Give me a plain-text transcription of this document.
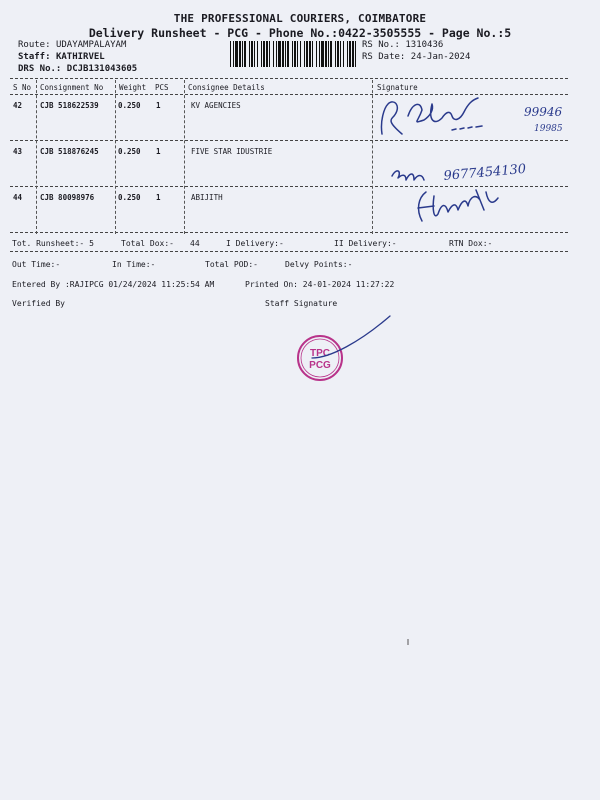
THE PROFESSIONAL COURIERS, COIMBATORE
Delivery Runsheet - PCG - Phone No.:0422-3505555 - Page No.:5
Route: UDAYAMPALAYAM
Staff: KATHIRVEL
DRS No.: DCJB131043605
RS No.: 1310436
RS Date: 24-Jan-2024
S No Consignment No Weight PCS	Consignee Details	Signature
42 CJB 518622539	0.250 1	KV AGENCIES
43 CJB 518876245	0.250 1	FIVE STAR IDUSTRIE
44 CJB 80098976	0.250 1	ABIJITH
99946
19985
9677454130
Tot. Runsheet:- 5	Total Dox:- 44	I Delivery:-	II Delivery:-	RTN Dox:-
Out Time:-	In Time:-	Total POD:-	Delvy Points:-
Entered By :RAJIPCG 01/24/2024 11:25:54 AM	Printed On: 24-01-2024 11:27:22
Verified By	Staff Signature
TPC
PCG
